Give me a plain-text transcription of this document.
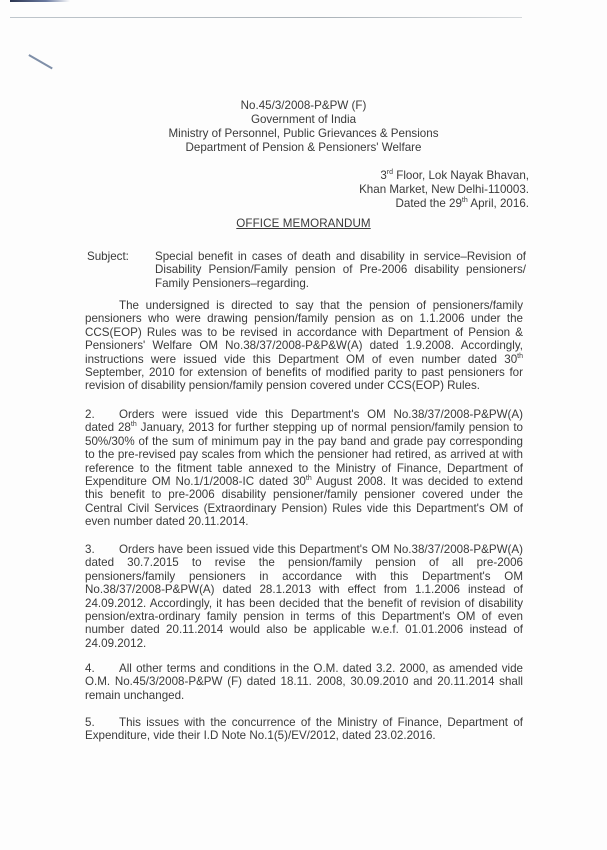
No.45/3/2008-P&PW (F)
Government of India
Ministry of Personnel, Public Grievances & Pensions
Department of Pension & Pensioners' Welfare
3rd Floor, Lok Nayak Bhavan,
Khan Market, New Delhi-110003.
Dated the 29th April, 2016.
OFFICE MEMORANDUM
Subject: Special benefit in cases of death and disability in service–Revision of Disability Pension/Family pension of Pre-2006 disability pensioners/ Family Pensioners–regarding.
The undersigned is directed to say that the pension of pensioners/family pensioners who were drawing pension/family pension as on 1.1.2006 under the CCS(EOP) Rules was to be revised in accordance with Department of Pension & Pensioners' Welfare OM No.38/37/2008-P&P&W(A) dated 1.9.2008. Accordingly, instructions were issued vide this Department OM of even number dated 30th September, 2010 for extension of benefits of modified parity to past pensioners for revision of disability pension/family pension covered under CCS(EOP) Rules.
2. Orders were issued vide this Department's OM No.38/37/2008-P&PW(A) dated 28th January, 2013 for further stepping up of normal pension/family pension to 50%/30% of the sum of minimum pay in the pay band and grade pay corresponding to the pre-revised pay scales from which the pensioner had retired, as arrived at with reference to the fitment table annexed to the Ministry of Finance, Department of Expenditure OM No.1/1/2008-IC dated 30th August 2008. It was decided to extend this benefit to pre-2006 disability pensioner/family pensioner covered under the Central Civil Services (Extraordinary Pension) Rules vide this Department's OM of even number dated 20.11.2014.
3. Orders have been issued vide this Department's OM No.38/37/2008-P&PW(A) dated 30.7.2015 to revise the pension/family pension of all pre-2006 pensioners/family pensioners in accordance with this Department's OM No.38/37/2008-P&PW(A) dated 28.1.2013 with effect from 1.1.2006 instead of 24.09.2012. Accordingly, it has been decided that the benefit of revision of disability pension/extra-ordinary family pension in terms of this Department's OM of even number dated 20.11.2014 would also be applicable w.e.f. 01.01.2006 instead of 24.09.2012.
4. All other terms and conditions in the O.M. dated 3.2. 2000, as amended vide O.M. No.45/3/2008-P&PW (F) dated 18.11. 2008, 30.09.2010 and 20.11.2014 shall remain unchanged.
5. This issues with the concurrence of the Ministry of Finance, Department of Expenditure, vide their I.D Note No.1(5)/EV/2012, dated 23.02.2016.
